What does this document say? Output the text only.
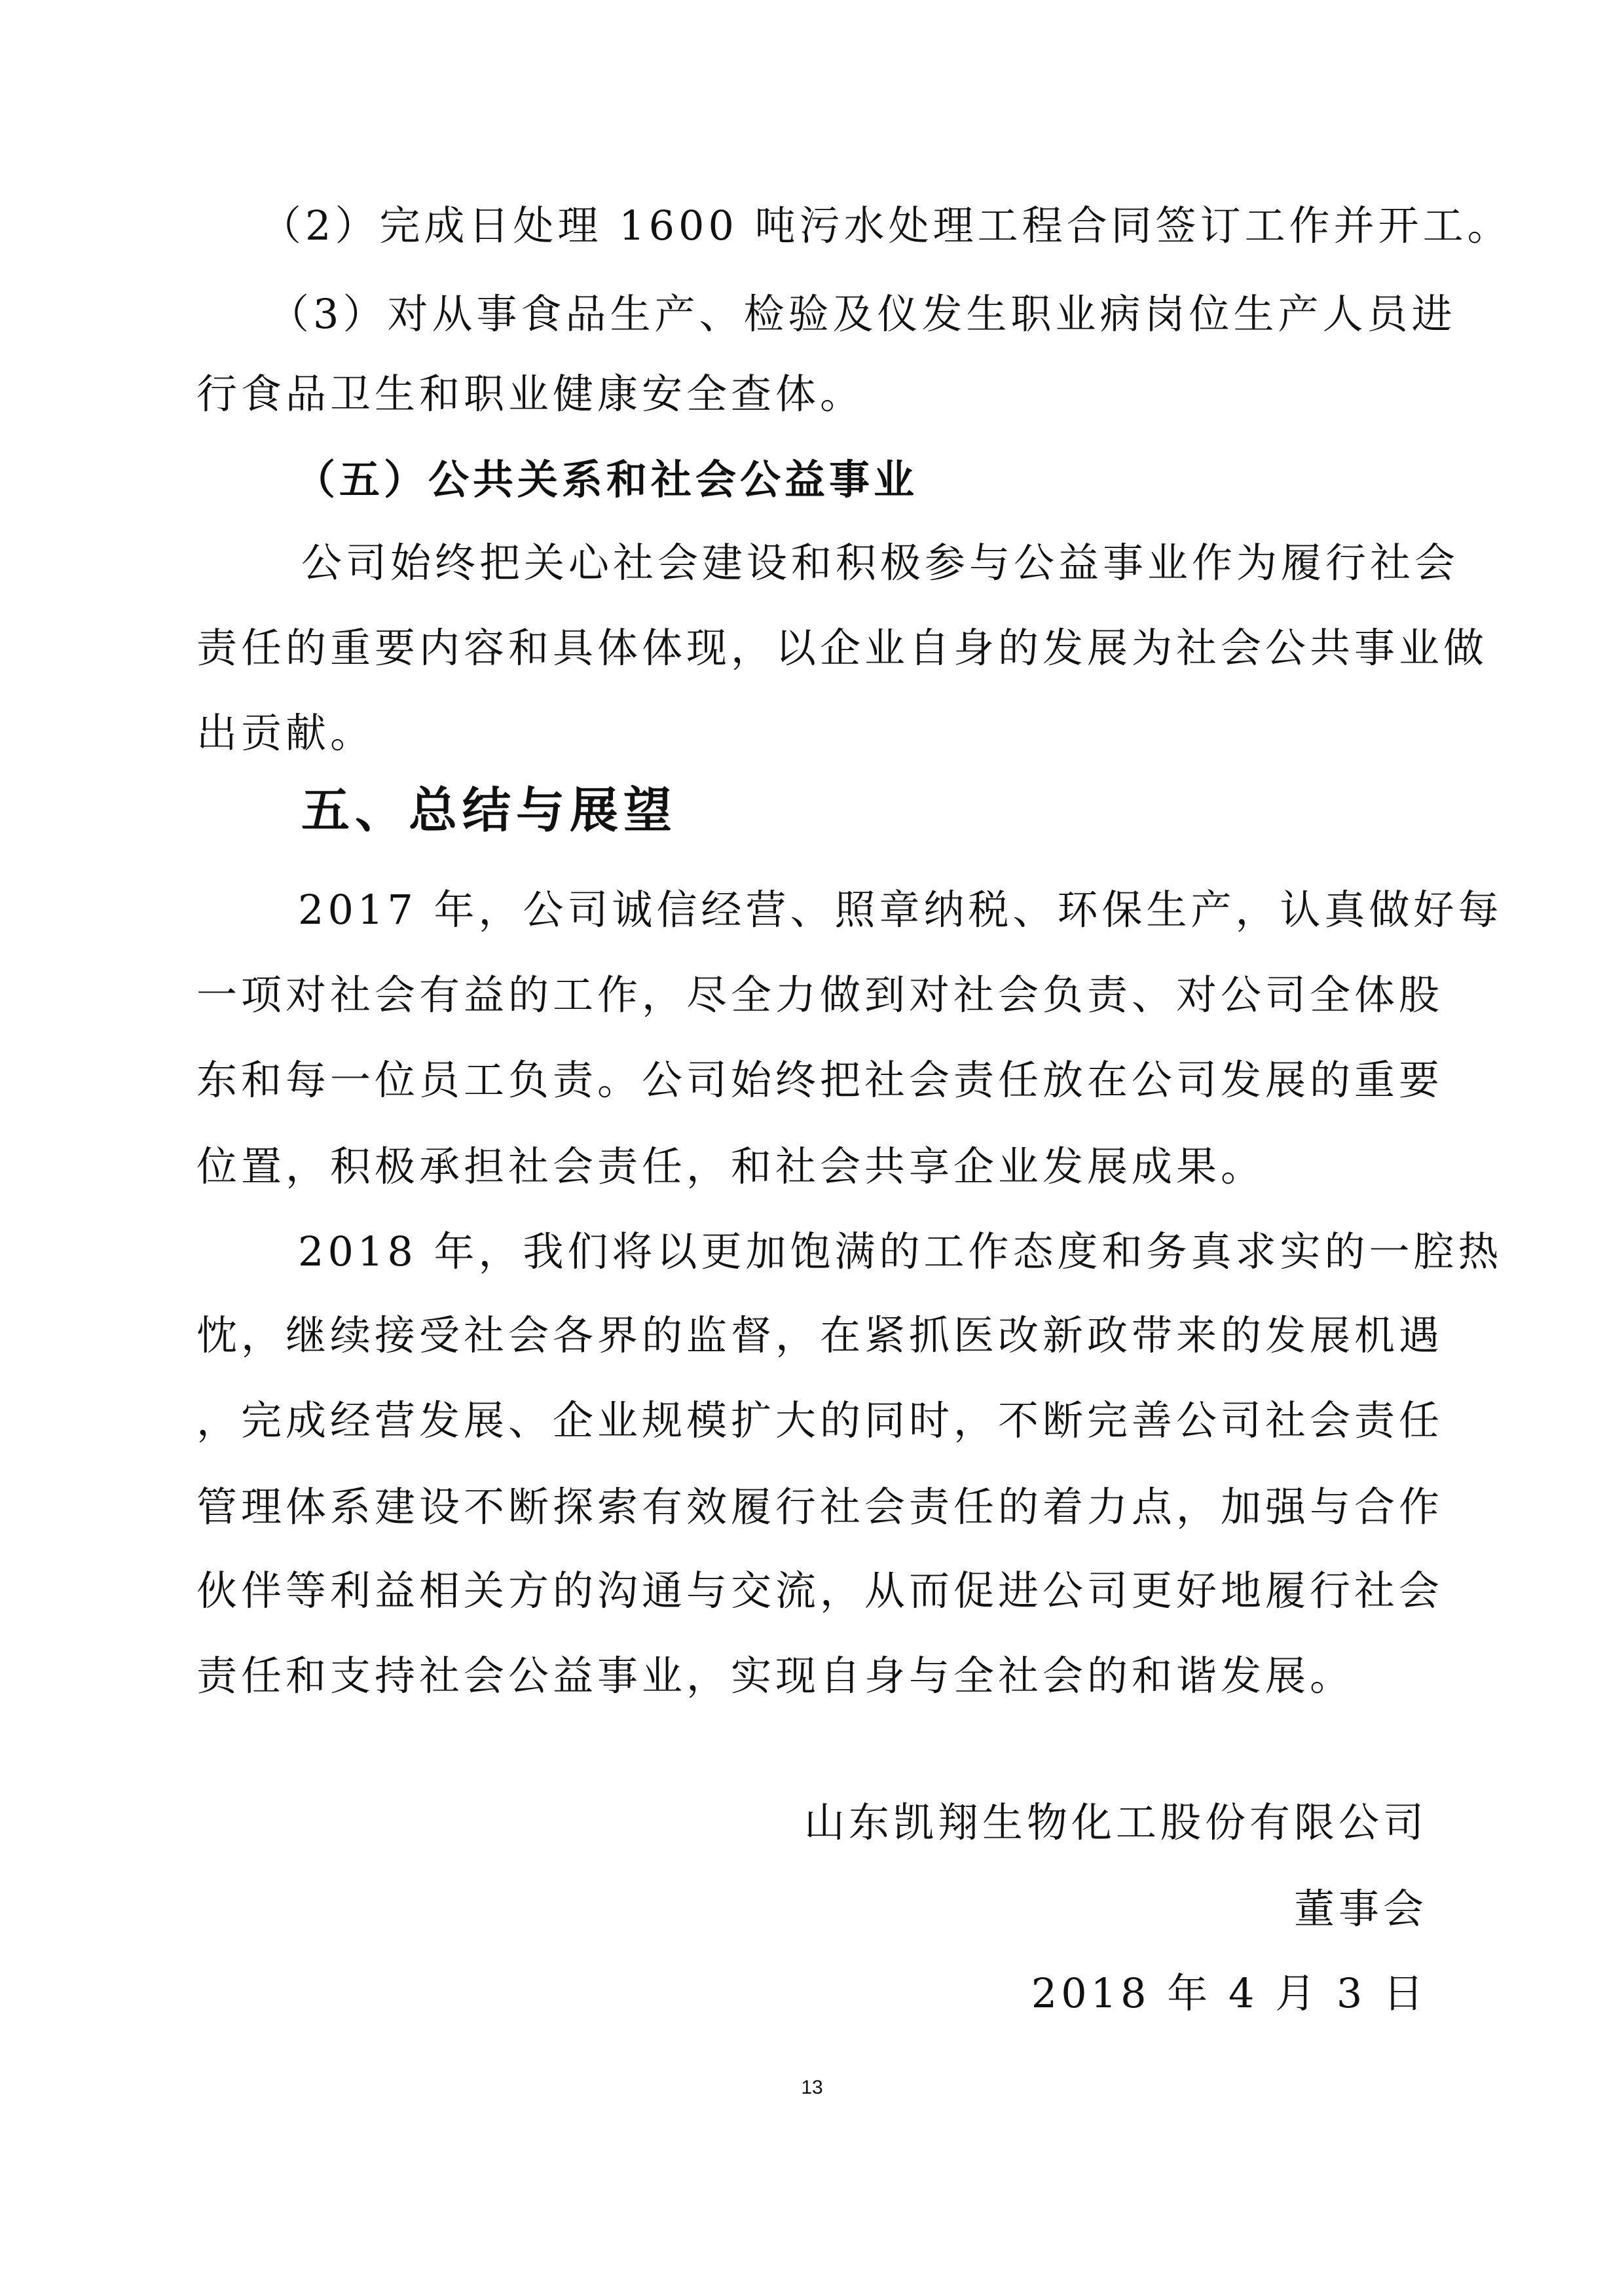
（2）完成日处理 1600 吨污水处理工程合同签订工作并开工。
（3）对从事食品生产、检验及仪发生职业病岗位生产人员进
行食品卫生和职业健康安全查体。
（五）公共关系和社会公益事业
公司始终把关心社会建设和积极参与公益事业作为履行社会
责任的重要内容和具体体现，以企业自身的发展为社会公共事业做
出贡献。
五、总结与展望
2017 年，公司诚信经营、照章纳税、环保生产，认真做好每
一项对社会有益的工作，尽全力做到对社会负责、对公司全体股
东和每一位员工负责。公司始终把社会责任放在公司发展的重要
位置，积极承担社会责任，和社会共享企业发展成果。
2018 年，我们将以更加饱满的工作态度和务真求实的一腔热
忱，继续接受社会各界的监督，在紧抓医改新政带来的发展机遇
，完成经营发展、企业规模扩大的同时，不断完善公司社会责任
管理体系建设不断探索有效履行社会责任的着力点，加强与合作
伙伴等利益相关方的沟通与交流，从而促进公司更好地履行社会
责任和支持社会公益事业，实现自身与全社会的和谐发展。
山东凯翔生物化工股份有限公司
董事会
2018 年 4 月 3 日
13
